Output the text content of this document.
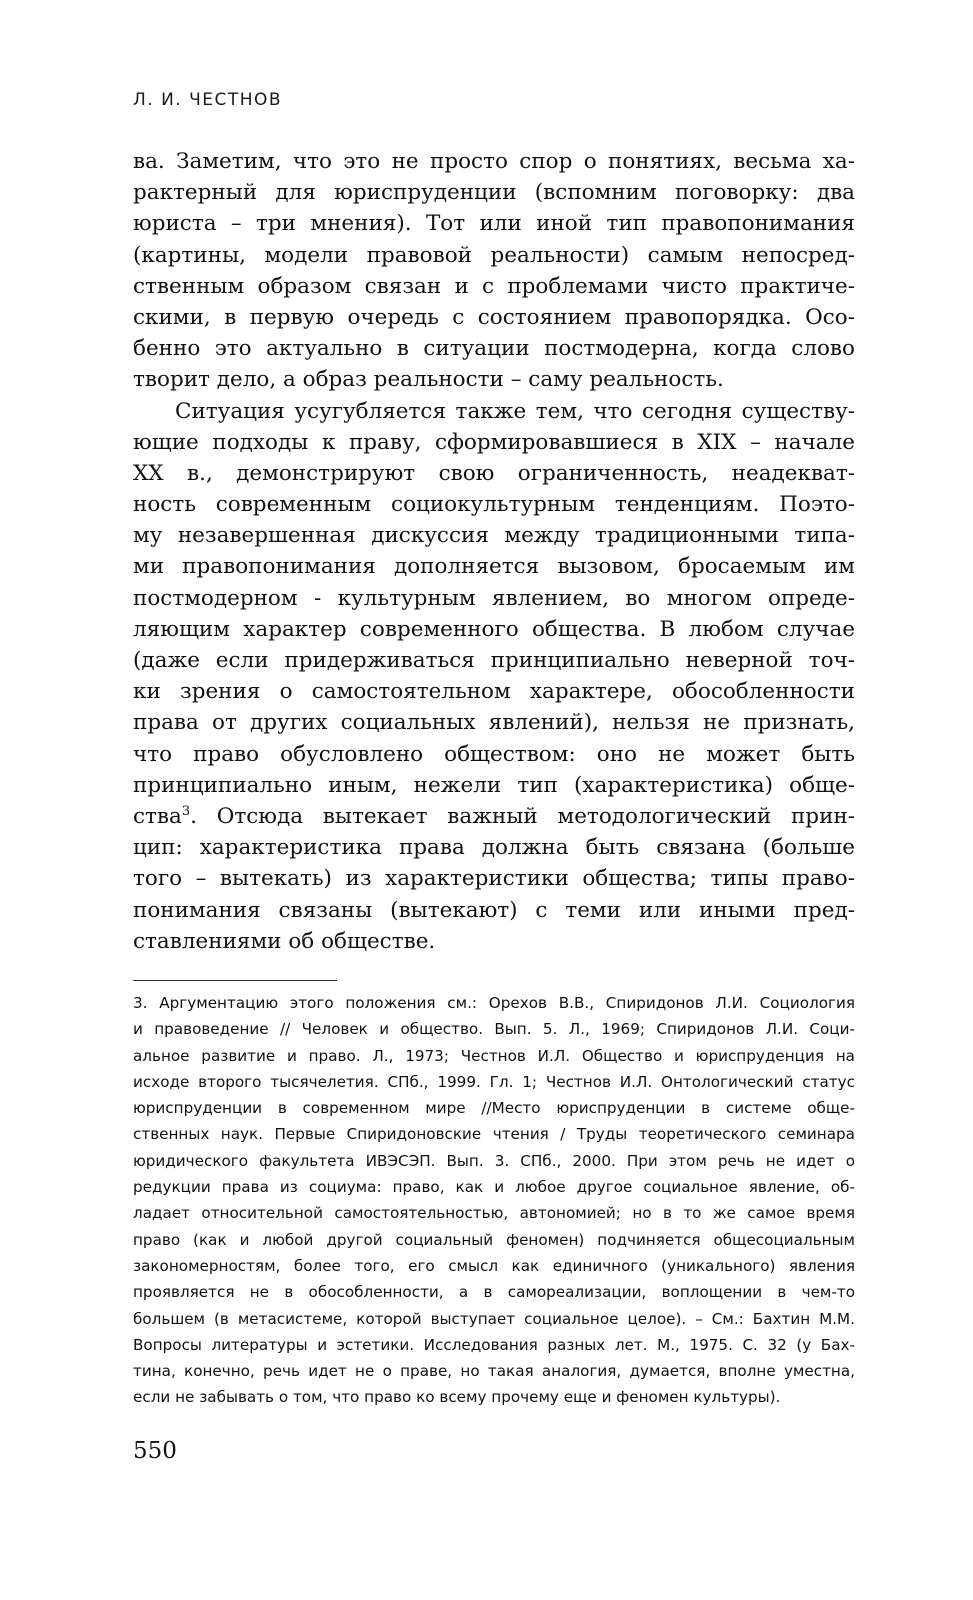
Л. И. ЧЕСТНОВ
ва. Заметим, что это не просто спор о понятиях, весьма ха-
рактерный для юриспруденции (вспомним поговорку: два
юриста – три мнения). Тот или иной тип правопонимания
(картины, модели правовой реальности) самым непосред-
ственным образом связан и с проблемами чисто практиче-
скими, в первую очередь с состоянием правопорядка. Осо-
бенно это актуально в ситуации постмодерна, когда слово
творит дело, а образ реальности – саму реальность.
Ситуация усугубляется также тем, что сегодня существу-
ющие подходы к праву, сформировавшиеся в XIX – начале
XX в., демонстрируют свою ограниченность, неадекват-
ность современным социокультурным тенденциям. Поэто-
му незавершенная дискуссия между традиционными типа-
ми правопонимания дополняется вызовом, бросаемым им
постмодерном - культурным явлением, во многом опреде-
ляющим характер современного общества. В любом случае
(даже если придерживаться принципиально неверной точ-
ки зрения о самостоятельном характере, обособленности
права от других социальных явлений), нельзя не признать,
что право обусловлено обществом: оно не может быть
принципиально иным, нежели тип (характеристика) обще-
ства$^3$. Отсюда вытекает важный методологический прин-
цип: характеристика права должна быть связана (больше
того – вытекать) из характеристики общества; типы право-
понимания связаны (вытекают) с теми или иными пред-
ставлениями об обществе.
3. Аргументацию этого положения см.: Орехов В.В., Спиридонов Л.И. Социология
и правоведение // Человек и общество. Вып. 5. Л., 1969; Спиридонов Л.И. Соци-
альное развитие и право. Л., 1973; Честнов И.Л. Общество и юриспруденция на
исходе второго тысячелетия. СПб., 1999. Гл. 1; Честнов И.Л. Онтологический статус
юриспруденции в современном мире //Место юриспруденции в системе обще-
ственных наук. Первые Спиридоновские чтения / Труды теоретического семинара
юридического факультета ИВЭСЭП. Вып. 3. СПб., 2000. При этом речь не идет о
редукции права из социума: право, как и любое другое социальное явление, об-
ладает относительной самостоятельностью, автономией; но в то же самое время
право (как и любой другой социальный феномен) подчиняется общесоциальным
закономерностям, более того, его смысл как единичного (уникального) явления
проявляется не в обособленности, а в самореализации, воплощении в чем-то
большем (в метасистеме, которой выступает социальное целое). – См.: Бахтин М.М.
Вопросы литературы и эстетики. Исследования разных лет. М., 1975. С. 32 (у Бах-
тина, конечно, речь идет не о праве, но такая аналогия, думается, вполне уместна,
если не забывать о том, что право ко всему прочему еще и феномен культуры).
550
